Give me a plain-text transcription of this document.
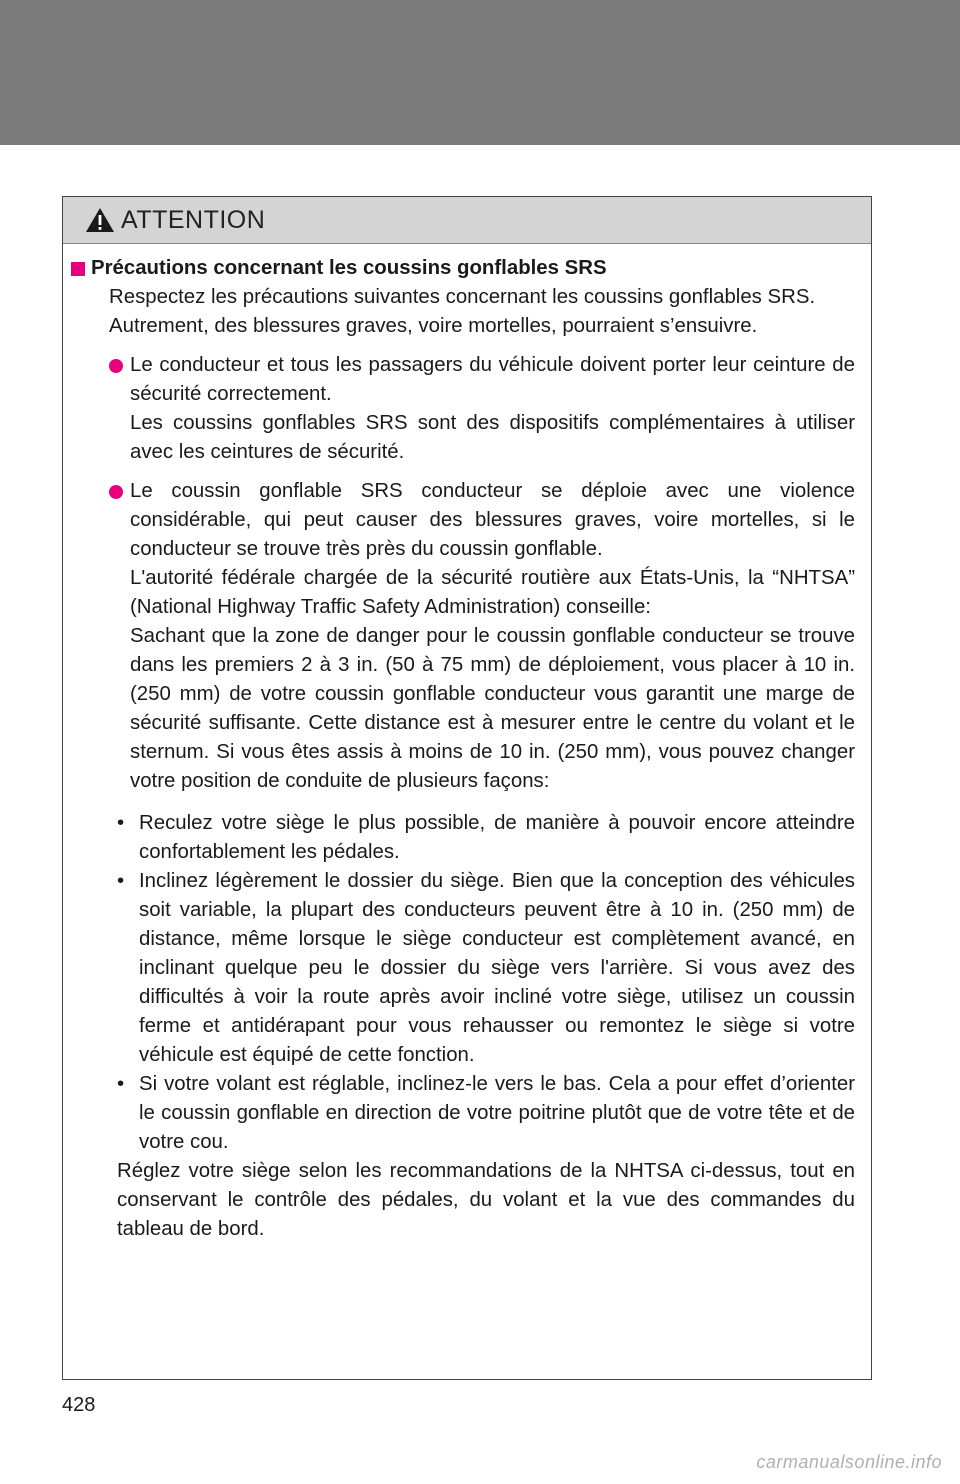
ATTENTION
Précautions concernant les coussins gonflables SRS

Respectez les précautions suivantes concernant les coussins gonflables SRS.

Autrement, des blessures graves, voire mortelles, pourraient s’ensuivre.

Le conducteur et tous les passagers du véhicule doivent porter leur ceinture de sécurité correctement.

Les coussins gonflables SRS sont des dispositifs complémentaires à utiliser avec les ceintures de sécurité.

Le coussin gonflable SRS conducteur se déploie avec une violence considérable, qui peut causer des blessures graves, voire mortelles, si le conducteur se trouve très près du coussin gonflable.

L'autorité fédérale chargée de la sécurité routière aux États-Unis, la “NHTSA” (National Highway Traffic Safety Administration) conseille:

Sachant que la zone de danger pour le coussin gonflable conducteur se trouve dans les premiers 2 à 3 in. (50 à 75 mm) de déploiement, vous placer à 10 in. (250 mm) de votre coussin gonflable conducteur vous garantit une marge de sécurité suffisante. Cette distance est à mesurer entre le centre du volant et le sternum. Si vous êtes assis à moins de 10 in. (250 mm), vous pouvez changer votre position de conduite de plusieurs façons:

• Reculez votre siège le plus possible, de manière à pouvoir encore atteindre confortablement les pédales.
• Inclinez légèrement le dossier du siège. Bien que la conception des véhicules soit variable, la plupart des conducteurs peuvent être à 10 in. (250 mm) de distance, même lorsque le siège conducteur est complètement avancé, en inclinant quelque peu le dossier du siège vers l'arrière. Si vous avez des difficultés à voir la route après avoir incliné votre siège, utilisez un coussin ferme et antidérapant pour vous rehausser ou remontez le siège si votre véhicule est équipé de cette fonction.
• Si votre volant est réglable, inclinez-le vers le bas. Cela a pour effet d’orienter le coussin gonflable en direction de votre poitrine plutôt que de votre tête et de votre cou.

Réglez votre siège selon les recommandations de la NHTSA ci-dessus, tout en conservant le contrôle des pédales, du volant et la vue des commandes du tableau de bord.

428
carmanualsonline.info
